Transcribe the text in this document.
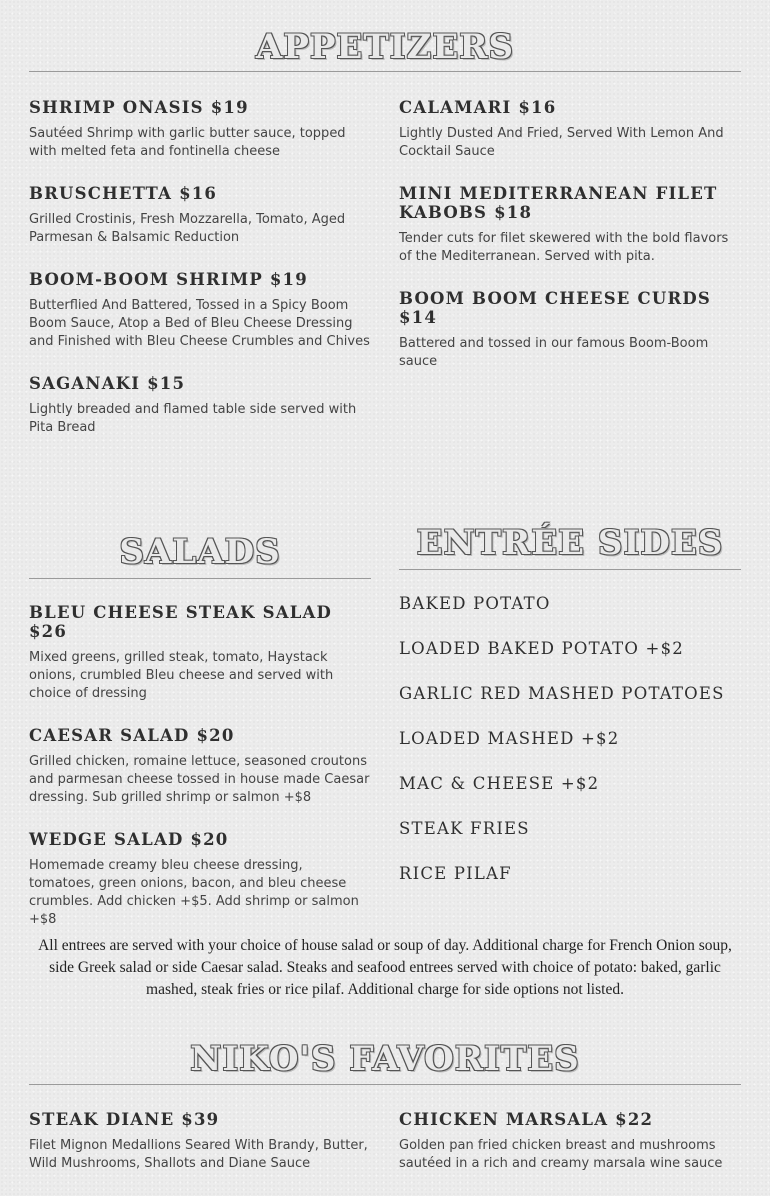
APPETIZERS
SHRIMP ONASIS $19

Sautéed Shrimp with garlic butter sauce, topped with melted feta and fontinella cheese

BRUSCHETTA $16

Grilled Crostinis, Fresh Mozzarella, Tomato, Aged Parmesan & Balsamic Reduction

BOOM-BOOM SHRIMP $19

Butterflied And Battered, Tossed in a Spicy Boom Boom Sauce, Atop a Bed of Bleu Cheese Dressing and Finished with Bleu Cheese Crumbles and Chives

SAGANAKI $15

Lightly breaded and flamed table side served with Pita Bread

CALAMARI $16

Lightly Dusted And Fried, Served With Lemon And Cocktail Sauce

MINI MEDITERRANEAN FILET KABOBS $18

Tender cuts for filet skewered with the bold flavors of the Mediterranean. Served with pita.

BOOM BOOM CHEESE CURDS $14

Battered and tossed in our famous Boom-Boom sauce

SALADS
BLEU CHEESE STEAK SALAD $26

Mixed greens, grilled steak, tomato, Haystack onions, crumbled Bleu cheese and served with choice of dressing

CAESAR SALAD $20

Grilled chicken, romaine lettuce, seasoned croutons and parmesan cheese tossed in house made Caesar dressing. Sub grilled shrimp or salmon +$8

WEDGE SALAD $20

Homemade creamy bleu cheese dressing, tomatoes, green onions, bacon, and bleu cheese crumbles. Add chicken +$5. Add shrimp or salmon +$8

ENTRÉE SIDES

BAKED POTATO

LOADED BAKED POTATO +$2

GARLIC RED MASHED POTATOES

LOADED MASHED +$2

MAC & CHEESE +$2

STEAK FRIES

RICE PILAF

All entrees are served with your choice of house salad or soup of day. Additional charge for French Onion soup, side Greek salad or side Caesar salad. Steaks and seafood entrees served with choice of potato: baked, garlic mashed, steak fries or rice pilaf. Additional charge for side options not listed.

NIKO'S FAVORITES
STEAK DIANE $39

Filet Mignon Medallions Seared With Brandy, Butter, Wild Mushrooms, Shallots and Diane Sauce

CHICKEN MARSALA $22

Golden pan fried chicken breast and mushrooms sautéed in a rich and creamy marsala wine sauce
